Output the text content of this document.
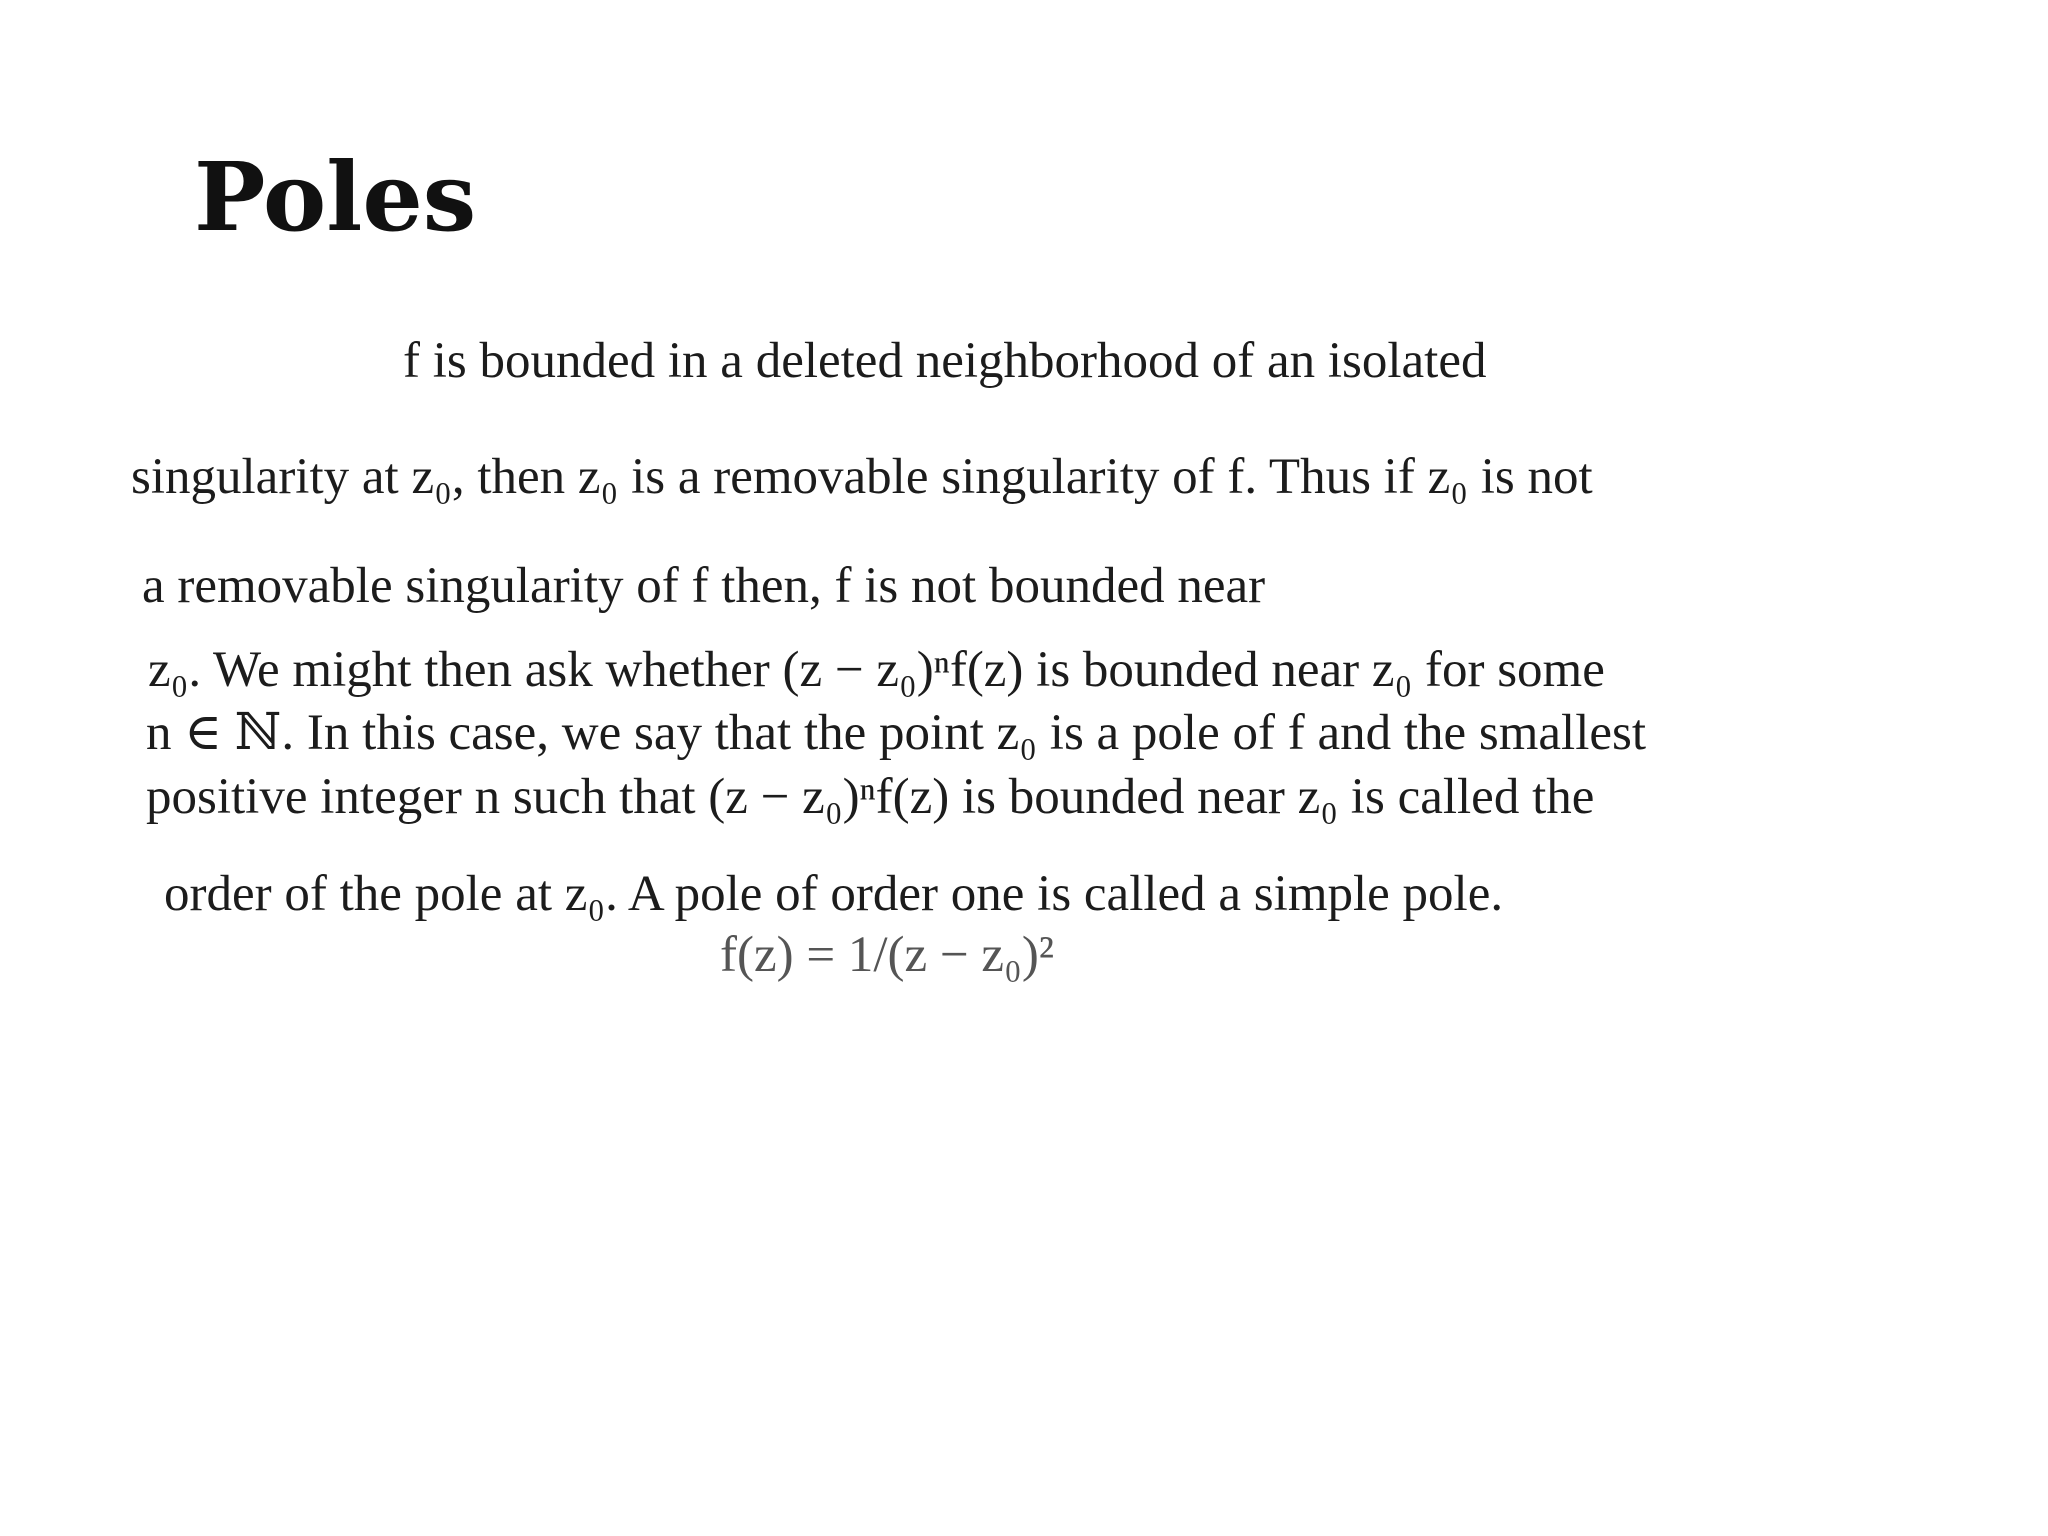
Poles

f is bounded in a deleted neighborhood of an isolated

singularity at z₀, then z₀ is a removable singularity of f. Thus if z₀ is not

a removable singularity of f then, f is not bounded near

z₀. We might then ask whether (z − z₀)ⁿf(z) is bounded near z₀ for some

n ∈ ℕ. In this case, we say that the point z₀ is a pole of f and the smallest

positive integer n such that (z − z₀)ⁿf(z) is bounded near z₀ is called the

order of the pole at z₀. A pole of order one is called a simple pole.

f(z) = 1/(z − z₀)²
